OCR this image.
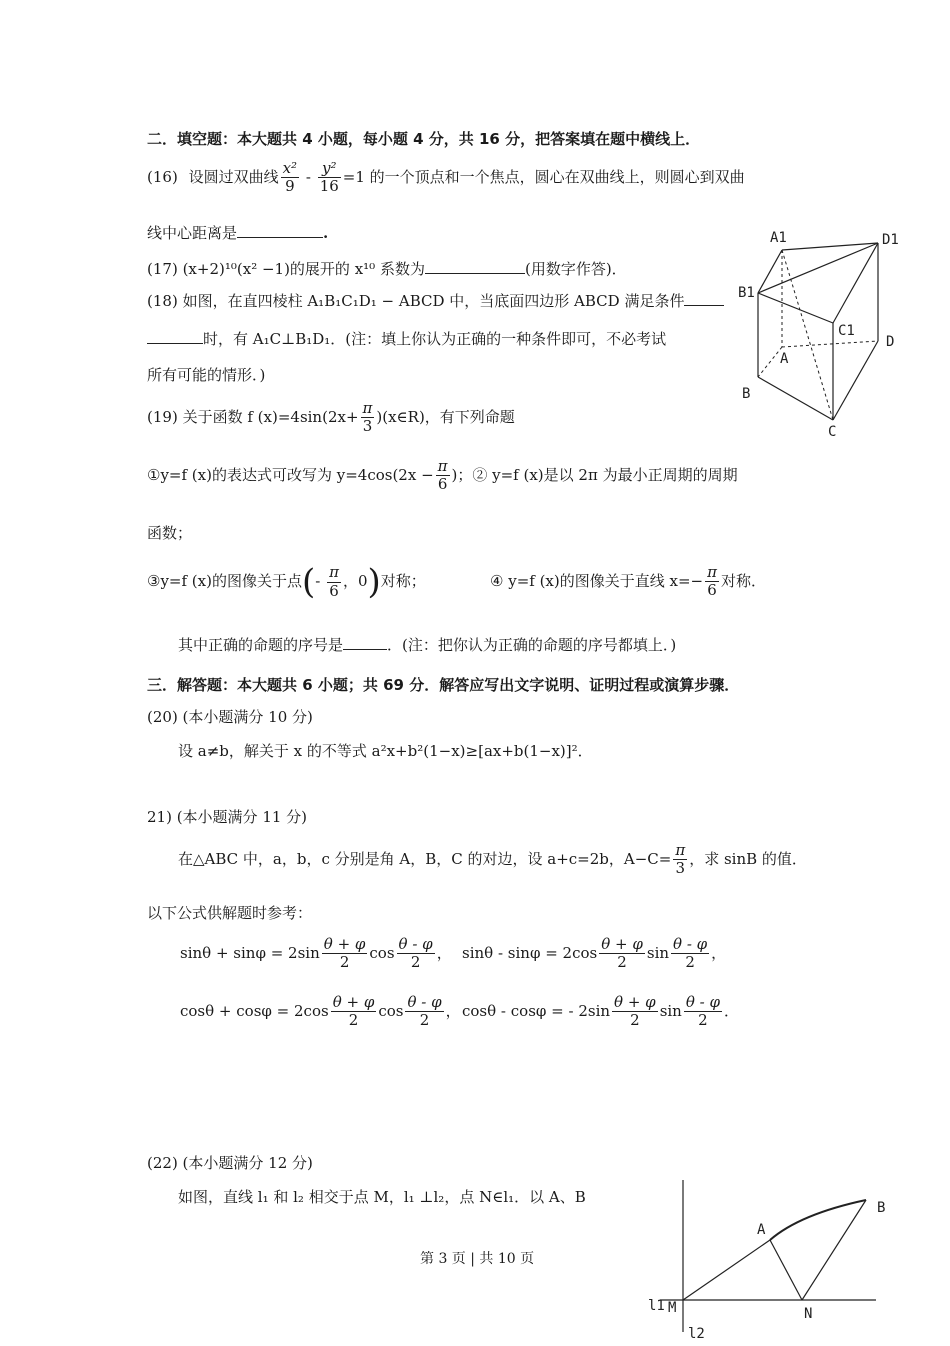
二．填空题：本大题共 4 小题，每小题 4 分，共 16 分，把答案填在题中横线上．
(16) 设圆过双曲线 $\frac{\text{x²}}{9} - \frac{\text{y²}}{16} =1$ 的一个顶点和一个焦点，圆心在双曲线上，则圆心到双曲
线中心距离是	.
(17) (x+2)¹⁰(x² −1)的展开的 x¹⁰ 系数为	(用数字作答)．
(18) 如图，在直四棱柱 A₁B₁C₁D₁ − ABCD 中，当底面四边形 ABCD 满足条件
时，有 A₁C⊥B₁D₁．(注：填上你认为正确的一种条件即可，不必考试
所有可能的情形．)
A1	D1
B1
C1
A
D
B
C
(19) 关于函数 f $(x)=4\sin(2x+ \frac{\pi}{3}$ )(x∈R)，有下列命题
①y=f (x)的表达式可改写为 $y=4\cos(2x - \frac{\pi}{6}$ )；② y=f (x)是以 2π 为最小正周期的周期
函数；
③y=f (x)的图像关于点(- $\frac{\pi}{6}$ ，0)对称；	④ y=f (x)的图像关于直线 $x=- \frac{\pi}{6}$ 对称．
其中正确的命题的序号是	．(注：把你认为正确的命题的序号都填上．)
三．解答题：本大题共 6 小题；共 69 分．解答应写出文字说明、证明过程或演算步骤．
(20) (本小题满分 10 分)
设 a≠b，解关于 x 的不等式 a²x+b²(1−x)≥[ax+b(1−x)]²．
21) (本小题满分 11 分)
在△ABC 中，a，b，c 分别是角 A，B，C 的对边，设 a+c=2b，$A-C= \frac{\pi}{3}$ ，求 sinB 的值．
以下公式供解题时参考：
$\sin\theta + \sin\varphi = 2\sin \frac{\theta + \varphi}{2}$ $\cos \frac{\theta - \varphi}{2}$ ， $\sin\theta - \sin\varphi = 2\cos \frac{\theta + \varphi}{2}$ $\sin \frac{\theta - \varphi}{2}$ ，
$\cos\theta + \cos\varphi = 2\cos \frac{\theta + \varphi}{2}$ $\cos \frac{\theta - \varphi}{2}$ ， cosθ - cosφ = - $2\sin \frac{\theta + \varphi}{2}$ $\sin \frac{\theta - \varphi}{2}$ ．
(22) (本小题满分 12 分)
如图，直线 l₁ 和 l₂ 相交于点 M，l₁ ⊥l₂，点 N∈l₁．以 A、B
A
B
l1 M	N
l2
第 3 页 | 共 10 页
